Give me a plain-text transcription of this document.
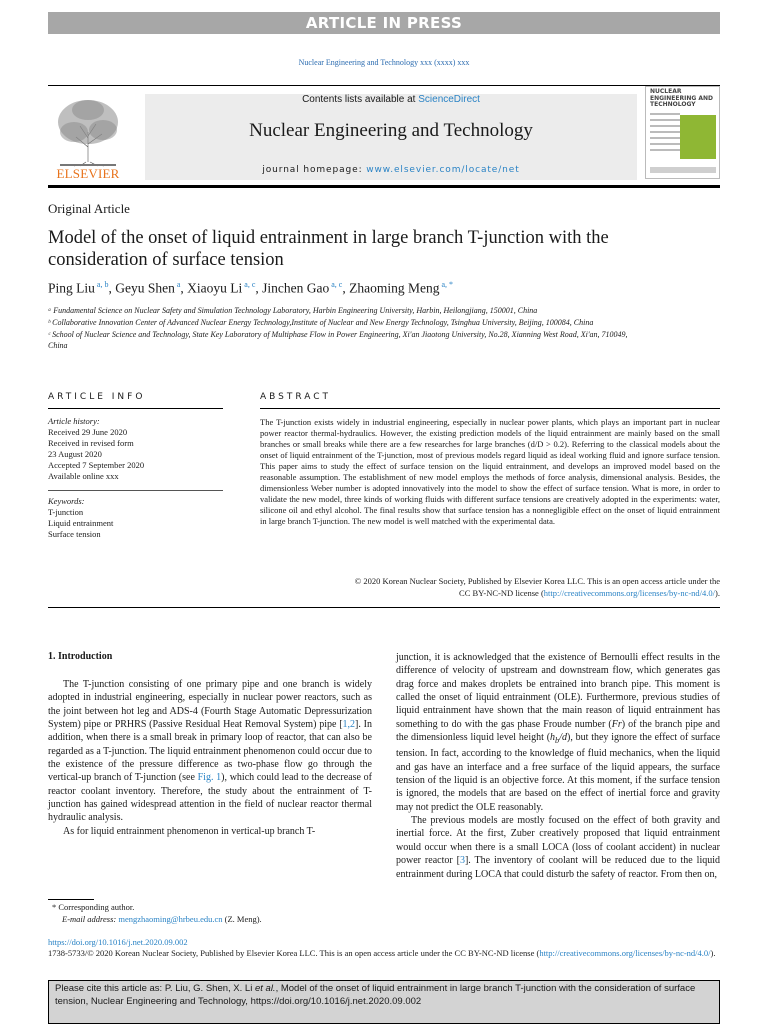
ARTICLE IN PRESS
Nuclear Engineering and Technology xxx (xxxx) xxx
ELSEVIER
Contents lists available at ScienceDirect
Nuclear Engineering and Technology
journal homepage: www.elsevier.com/locate/net
NUCLEAR ENGINEERING AND TECHNOLOGY
Original Article
Model of the onset of liquid entrainment in large branch T-junction with the consideration of surface tension
Ping Liu $^{a, b}$, Geyu Shen $^a$, Xiaoyu Li $^{a, c}$, Jinchen Gao $^{a, c}$, Zhaoming Meng $^{a, *}$

ᵃ Fundamental Science on Nuclear Safety and Simulation Technology Laboratory, Harbin Engineering University, Harbin, Heilongjiang, 150001, China

ᵇ Collaborative Innovation Center of Advanced Nuclear Energy Technology,Institute of Nuclear and New Energy Technology, Tsinghua University, Beijing, 100084, China

ᶜ School of Nuclear Science and Technology, State Key Laboratory of Multiphase Flow in Power Engineering, Xi'an Jiaotong University, No.28, Xianning West Road, Xi'an, 710049, China

ARTICLE INFO	ABSTRACT
Article history:
Received 29 June 2020
Received in revised form
23 August 2020
Accepted 7 September 2020
Available online xxx
Keywords:
T-junction
Liquid entrainment
Surface tension
The T-junction exists widely in industrial engineering, especially in nuclear power plants, which plays an important part in nuclear power reactor thermal-hydraulics. However, the existing prediction models of the liquid entrainment are mainly based on the small branches or small breaks while there are a few researches for large branches (d/D > 0.2). Referring to the classical models about the onset of liquid entrainment of the T-junction, most of previous models regard liquid as ideal working fluid and ignore surface tension. This paper aims to study the effect of surface tension on the liquid entrainment, and develops an improved model based on the reasonable assumption. The establishment of new model employs the methods of force analysis, dimensional analysis. Besides, the dimensionless Weber number is adopted innovatively into the model to show the effect of surface tension. What is more, in order to validate the new model, three kinds of working fluids with different surface tensions are creatively adopted in the experiments: water, silicone oil and ethyl alcohol. The final results show that surface tension has a nonnegligible effect on the onset of liquid entrainment in large branch T-junction. The new model is well matched with the experimental data.
© 2020 Korean Nuclear Society, Published by Elsevier Korea LLC. This is an open access article under the
CC BY-NC-ND license (http://creativecommons.org/licenses/by-nc-nd/4.0/).
1. Introduction

The T-junction consisting of one primary pipe and one branch is widely adopted in industrial engineering, especially in nuclear power reactors, such as the joint between hot leg and ADS-4 (Fourth Stage Automatic Depressurization System) pipe or PRHRS (Passive Residual Heat Removal System) pipe [1,2]. In addition, when there is a small break in primary loop of reactor, that can also be regarded as a T-junction. The liquid entrainment phenomenon could occur due to the existence of the pressure difference as two-phase flow go through the vertical-up branch of T-junction (see Fig. 1), which could lead to the decrease of reactor coolant inventory. Therefore, the study about the entrainment of T-junction has gained widespread attention in the field of nuclear reactor thermal hydraulic analysis.

As for liquid entrainment phenomenon in vertical-up branch T-

junction, it is acknowledged that the existence of Bernoulli effect results in the difference of velocity of upstream and downstream flow, which generates gas drag force and makes droplets be entrained into branch pipe. This moment is called the onset of liquid entrainment (OLE). Furthermore, previous studies of liquid entrainment have shown that the main reason of liquid entrainment has something to do with the gas phase Froude number (Fr) of the branch pipe and the dimensionless liquid level height $(h_b/d)$, but they ignore the effect of surface tension. In fact, according to the knowledge of fluid mechanics, when the liquid and gas have an interface and a free surface of the liquid appears, the surface tension of the liquid is an objective force. At this moment, if the surface tension is ignored, the models that are based on the effect of inertial force and gravity may not predict the OLE reasonably.

The previous models are mostly focused on the effect of both gravity and inertial force. At the first, Zuber creatively proposed that liquid entrainment would occur when there is a small LOCA (loss of coolant accident) in nuclear power reactor [3]. The inventory of coolant will be reduced due to the liquid entrainment during LOCA that could disturb the safety of reactor. From then on,

* Corresponding author.
E-mail address: mengzhaoming@hrbeu.edu.cn (Z. Meng).
https://doi.org/10.1016/j.net.2020.09.002
1738-5733/© 2020 Korean Nuclear Society, Published by Elsevier Korea LLC. This is an open access article under the CC BY-NC-ND license (http://creativecommons.org/licenses/by-nc-nd/4.0/).
Please cite this article as: P. Liu, G. Shen, X. Li et al., Model of the onset of liquid entrainment in large branch T-junction with the consideration of surface tension, Nuclear Engineering and Technology, https://doi.org/10.1016/j.net.2020.09.002
